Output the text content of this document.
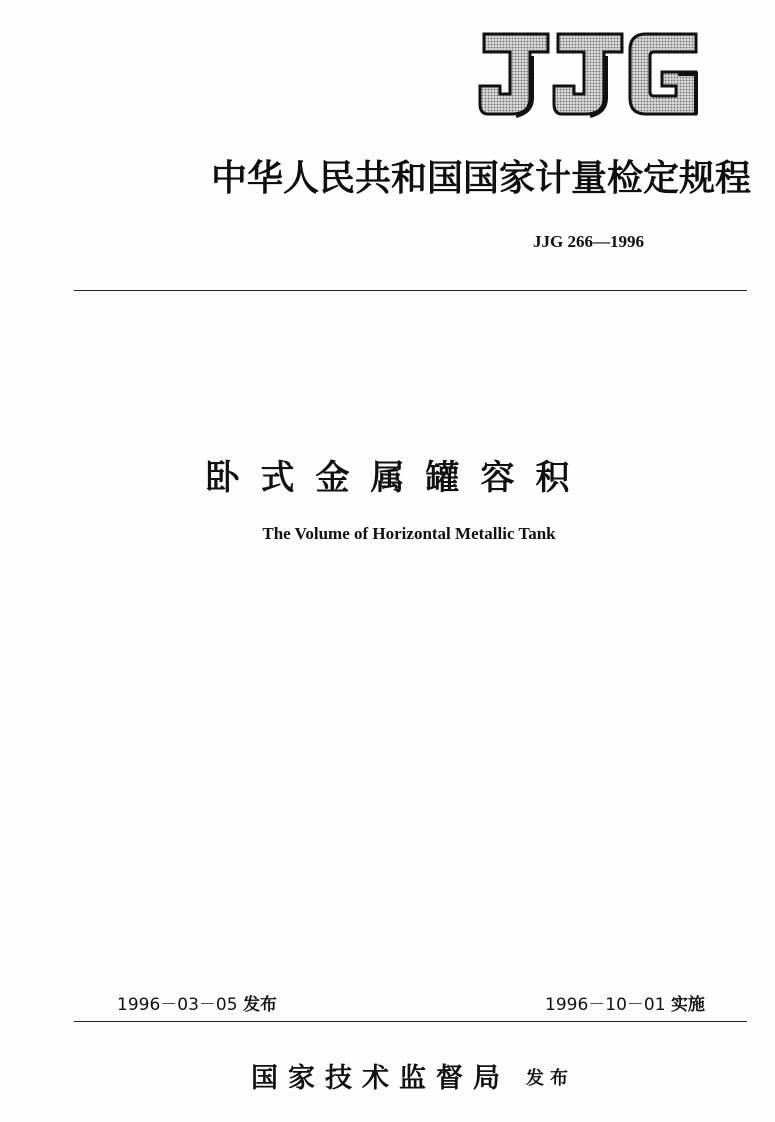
中华人民共和国国家计量检定规程
JJG 266—1996
卧式金属罐容积
The Volume of Horizontal Metallic Tank
1996－03－05 发布	1996－10－01 实施
国家技术监督局 发布
